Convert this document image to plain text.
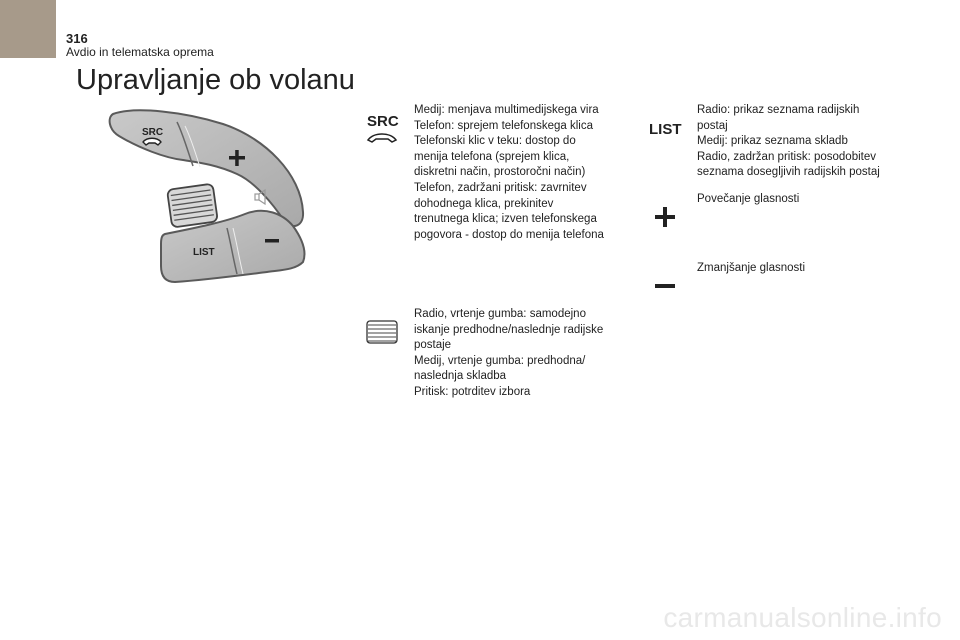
316
Avdio in telematska oprema
Upravljanje ob volanu
SRC
LIST
SRC
Medij: menjava multimedijskega vira
Telefon: sprejem telefonskega klica
Telefonski klic v teku: dostop do
menija telefona (sprejem klica,
diskretni način, prostoročni način)
Telefon, zadržani pritisk: zavrnitev
dohodnega klica, prekinitev
trenutnega klica; izven telefonskega
pogovora - dostop do menija telefona
Radio, vrtenje gumba: samodejno
iskanje predhodne/naslednje radijske
postaje
Medij, vrtenje gumba: predhodna/
naslednja skladba
Pritisk: potrditev izbora
LIST
Radio: prikaz seznama radijskih
postaj
Medij: prikaz seznama skladb
Radio, zadržan pritisk: posodobitev
seznama dosegljivih radijskih postaj
Povečanje glasnosti
Zmanjšanje glasnosti
carmanualsonline.info
